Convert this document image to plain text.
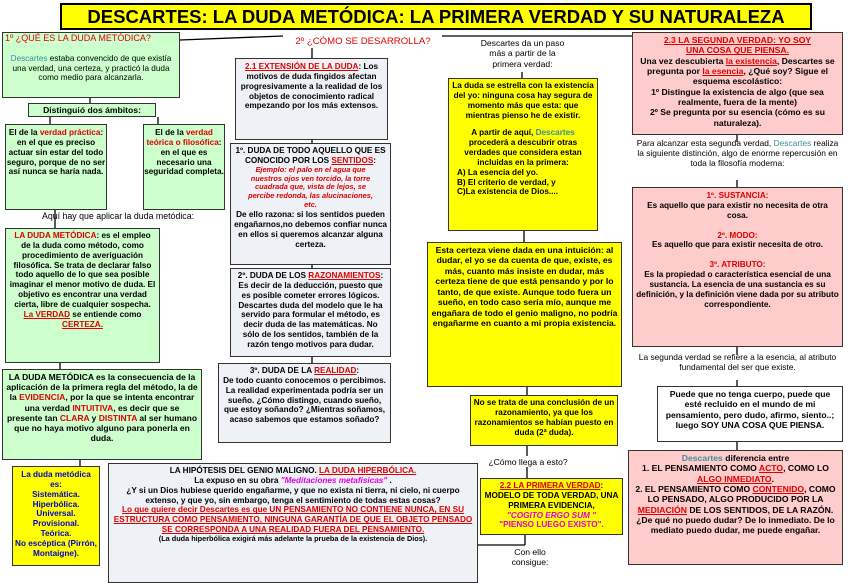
DESCARTES: LA DUDA METÓDICA: LA PRIMERA VERDAD Y SU NATURALEZA

1º ¿QUÉ ES LA DUDA METÓDICA?

Descartes estaba convencido de que existía una verdad, una certeza, y practicó la duda como medio para alcanzarla.

Distinguió dos ámbitos:
El de la verdad práctica: en el que es preciso actuar sin estar del todo seguro, porque de no ser así nunca se haría nada.
El de la verdad teórica o filosófica: en el que es necesario una seguridad completa.
Aquí hay que aplicar la duda metódica:
LA DUDA METÓDICA: es el empleo de la duda como método, como procedimiento de averiguación filosófica. Se trata de declarar falso todo aquello de lo que sea posible imaginar el menor motivo de duda. El objetivo es encontrar una verdad cierta, libre de cualquier sospecha. La VERDAD se entiende como CERTEZA.
LA DUDA METÓDICA es la consecuencia de la aplicación de la primera regla del método, la de la EVIDENCIA, por la que se intenta encontrar una verdad INTUITIVA, es decir que se presente tan CLARA y DISTINTA al ser humano que no haya motivo alguno para ponerla en duda.

La duda metódica es:

Sistemática.

Hiperbólica.

Universal.

Provisional.

Teórica.

No escéptica (Pirrón, Montaigne).

2º ¿CÓMO SE DESARROLLA?
2.1 EXTENSIÓN DE LA DUDA: Los motivos de duda fingidos afectan progresivamente a la realidad de los objetos de conocimiento radical empezando por los más extensos.

1º. DUDA DE TODO AQUELLO QUE ES CONOCIDO POR LOS SENTIDOS:

Ejemplo: el palo en el agua que nuestros ojos ven torcido, la torre cuadrada que, vista de lejos, se percibe redonda, las alucinaciones, etc.

De ello razona: si los sentidos pueden engañarnos,no debemos confiar nunca en ellos si queremos alcanzar alguna certeza.

2º. DUDA DE LOS RAZONAMIENTOS:

Es decir de la deducción, puesto que es posible cometer errores lógicos. Descartes duda del modelo que le ha servido para formular el método, es decir duda de las matemáticas. No sólo de los sentidos, también de la razón tengo motivos para dudar.

3º. DUDA DE LA REALIDAD:

De todo cuanto conocemos o percibimos. La realidad experimentada podría ser un sueño. ¿Cómo distingo, cuando sueño, que estoy soñando? ¿Mientras soñamos, acaso sabemos que estamos soñado?

LA HIPÓTESIS DEL GENIO MALIGNO. LA DUDA HIPERBÓLICA.

La expuso en su obra "Meditaciones metafísicas" .

¿Y si un Dios hubiese querido engañarme, y que no exista ni tierra, ni cielo, ni cuerpo extenso, y que yo, sin embargo, tenga el sentimiento de todas estas cosas?

Lo que quiere decir Descartes es que UN PENSAMIENTO NO CONTIENE NUNCA, EN SU ESTRUCTURA COMO PENSAMIENTO, NINGUNA GARANTÍA DE QUE EL OBJETO PENSADO SE CORRESPONDA A UNA REALIDAD FUERA DEL PENSAMIENTO.

(La duda hiperbólica exigirá más adelante la prueba de la existencia de Dios).

Descartes da un paso más a partir de la primera verdad:

La duda se estrella con la existencia del yo: ninguna cosa hay segura de momento más que esta: que mientras pienso he de existir.

A partir de aquí, Descartes procederá a descubrir otras verdades que considera estan incluidas en la primera:

A) La esencia del yo.

B) El criterio de verdad, y

C)La existencia de Dios....

Esta certeza viene dada en una intuición: al dudar, el yo se da cuenta de que, existe, es más, cuanto más insiste en dudar, más certeza tiene de que está pensando y por lo tanto, de que existe. Aunque todo fuera un sueño, en todo caso sería mío, aunque me engañara de todo el genio maligno, no podría engañarme en cuanto a mi propia existencia.
No se trata de una conclusión de un razonamiento, ya que los razonamientos se habían puesto en duda (2ª duda).
¿Cómo llega a esto?
2.2 LA PRIMERA VERDAD: MODELO DE TODA VERDAD, UNA PRIMERA EVIDENCIA,

"COGITO ERGO SUM "

"PIENSO LUEGO EXISTO".

Con ello consigue:

2.3 LA SEGUNDA VERDAD: YO SOY UNA COSA QUE PIENSA.

Una vez descubierta la existencia, Descartes se pregunta por la esencia, ¿Qué soy? Sigue el esquema escolástico:

1º Distingue la existencia de algo (que sea realmente, fuera de la mente)

2º Se pregunta por su esencia (cómo es su naturaleza).

Para alcanzar esta segunda verdad, Descartes realiza la siguiente distinción, algo de enorme repercusión en toda la filosofía moderna:

1º. SUSTANCIA:

Es aquello que para existir no necesita de otra cosa.

2º. MODO:

Es aquello que para existir necesita de otro.

3º. ATRIBUTO:

Es la propiedad o característica esencial de una sustancia. La esencia de una sustancia es su definición, y la definición viene dada por su atributo correspondiente.

La segunda verdad se refiere a la esencia, al atributo fundamental del ser que existe.
Puede que no tenga cuerpo, puede que esté recluido en el mundo de mi pensamiento, pero dudo, afirmo, siento..; luego SOY UNA COSA QUE PIENSA.

Descartes diferencia entre

1. EL PENSAMIENTO COMO ACTO, COMO LO ALGO INMEDIATO.

2. EL PENSAMIENTO COMO CONTENIDO, COMO LO PENSADO, ALGO PRODUCIDO POR LA MEDIACIÓN DE LOS SENTIDOS, DE LA RAZÓN.

¿De qué no puedo dudar? De lo inmediato. De lo mediato puedo dudar, me puede engañar.
